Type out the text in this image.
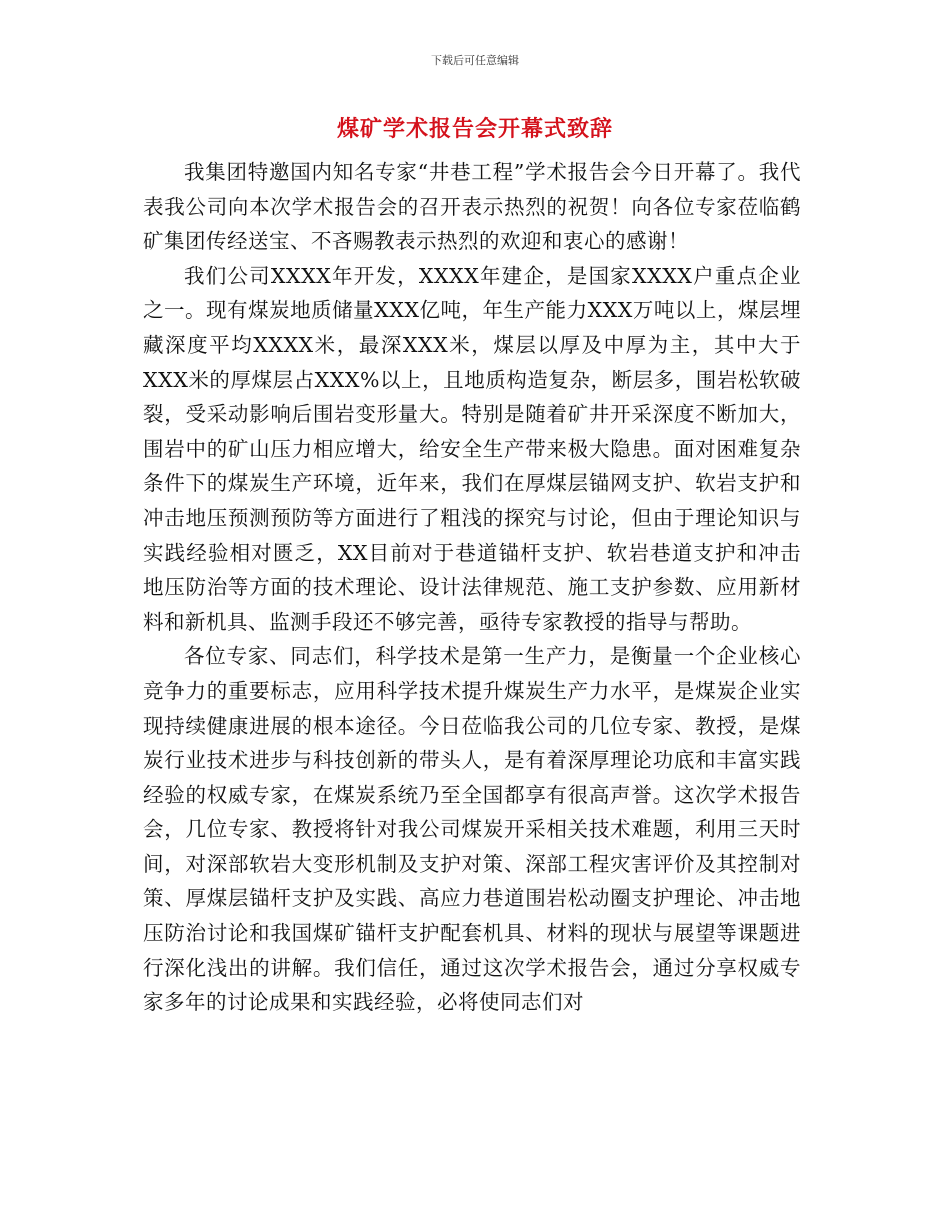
下载后可任意编辑
煤矿学术报告会开幕式致辞

我集团特邀国内知名专家“井巷工程”学术报告会今日开幕了。我代表我公司向本次学术报告会的召开表示热烈的祝贺！向各位专家莅临鹤矿集团传经送宝、不吝赐教表示热烈的欢迎和衷心的感谢！

我们公司XXXX年开发，XXXX年建企，是国家XXXX户重点企业之一。现有煤炭地质储量XXX亿吨，年生产能力XXX万吨以上，煤层埋藏深度平均XXXX米，最深XXX米，煤层以厚及中厚为主，其中大于XXX米的厚煤层占XXX%以上，且地质构造复杂，断层多，围岩松软破裂，受采动影响后围岩变形量大。特别是随着矿井开采深度不断加大，围岩中的矿山压力相应增大，给安全生产带来极大隐患。面对困难复杂条件下的煤炭生产环境，近年来，我们在厚煤层锚网支护、软岩支护和冲击地压预测预防等方面进行了粗浅的探究与讨论，但由于理论知识与实践经验相对匮乏，XX目前对于巷道锚杆支护、软岩巷道支护和冲击地压防治等方面的技术理论、设计法律规范、施工支护参数、应用新材料和新机具、监测手段还不够完善，亟待专家教授的指导与帮助。

各位专家、同志们，科学技术是第一生产力，是衡量一个企业核心竞争力的重要标志，应用科学技术提升煤炭生产力水平，是煤炭企业实现持续健康进展的根本途径。今日莅临我公司的几位专家、教授，是煤炭行业技术进步与科技创新的带头人，是有着深厚理论功底和丰富实践经验的权威专家，在煤炭系统乃至全国都享有很高声誉。这次学术报告会，几位专家、教授将针对我公司煤炭开采相关技术难题，利用三天时间，对深部软岩大变形机制及支护对策、深部工程灾害评价及其控制对策、厚煤层锚杆支护及实践、高应力巷道围岩松动圈支护理论、冲击地压防治讨论和我国煤矿锚杆支护配套机具、材料的现状与展望等课题进行深化浅出的讲解。我们信任，通过这次学术报告会，通过分享权威专家多年的讨论成果和实践经验，必将使同志们对
